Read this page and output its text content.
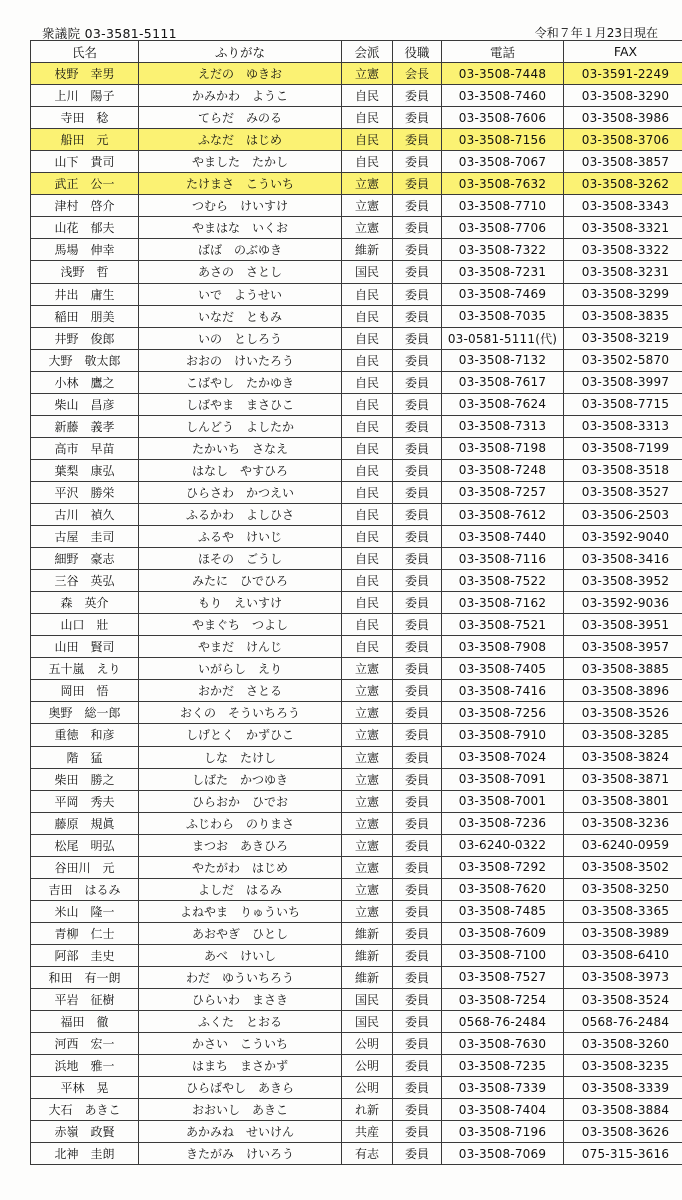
衆議院 03-3581-5111	令和７年１月23日現在
氏名	ふりがな	会派	役職	電話	FAX
枝野　幸男	えだの　ゆきお	立憲	会長	03-3508-7448	03-3591-2249
上川　陽子	かみかわ　ようこ	自民	委員	03-3508-7460	03-3508-3290
寺田　稔	てらだ　みのる	自民	委員	03-3508-7606	03-3508-3986
船田　元	ふなだ　はじめ	自民	委員	03-3508-7156	03-3508-3706
山下　貴司	やました　たかし	自民	委員	03-3508-7067	03-3508-3857
武正　公一	たけまさ　こういち	立憲	委員	03-3508-7632	03-3508-3262
津村　啓介	つむら　けいすけ	立憲	委員	03-3508-7710	03-3508-3343
山花　郁夫	やまはな　いくお	立憲	委員	03-3508-7706	03-3508-3321
馬場　伸幸	ばば　のぶゆき	維新	委員	03-3508-7322	03-3508-3322
浅野　哲	あさの　さとし	国民	委員	03-3508-7231	03-3508-3231
井出　庸生	いで　ようせい	自民	委員	03-3508-7469	03-3508-3299
稲田　朋美	いなだ　ともみ	自民	委員	03-3508-7035	03-3508-3835
井野　俊郎	いの　としろう	自民	委員	03-0581-5111(代)	03-3508-3219
大野　敬太郎	おおの　けいたろう	自民	委員	03-3508-7132	03-3502-5870
小林　鷹之	こばやし　たかゆき	自民	委員	03-3508-7617	03-3508-3997
柴山　昌彦	しばやま　まさひこ	自民	委員	03-3508-7624	03-3508-7715
新藤　義孝	しんどう　よしたか	自民	委員	03-3508-7313	03-3508-3313
高市　早苗	たかいち　さなえ	自民	委員	03-3508-7198	03-3508-7199
葉梨　康弘	はなし　やすひろ	自民	委員	03-3508-7248	03-3508-3518
平沢　勝栄	ひらさわ　かつえい	自民	委員	03-3508-7257	03-3508-3527
古川　禎久	ふるかわ　よしひさ	自民	委員	03-3508-7612	03-3506-2503
古屋　圭司	ふるや　けいじ	自民	委員	03-3508-7440	03-3592-9040
細野　豪志	ほその　ごうし	自民	委員	03-3508-7116	03-3508-3416
三谷　英弘	みたに　ひでひろ	自民	委員	03-3508-7522	03-3508-3952
森　英介	もり　えいすけ	自民	委員	03-3508-7162	03-3592-9036
山口　壯	やまぐち　つよし	自民	委員	03-3508-7521	03-3508-3951
山田　賢司	やまだ　けんじ	自民	委員	03-3508-7908	03-3508-3957
五十嵐　えり	いがらし　えり	立憲	委員	03-3508-7405	03-3508-3885
岡田　悟	おかだ　さとる	立憲	委員	03-3508-7416	03-3508-3896
奥野　総一郎	おくの　そういちろう	立憲	委員	03-3508-7256	03-3508-3526
重徳　和彦	しげとく　かずひこ	立憲	委員	03-3508-7910	03-3508-3285
階　猛	しな　たけし	立憲	委員	03-3508-7024	03-3508-3824
柴田　勝之	しばた　かつゆき	立憲	委員	03-3508-7091	03-3508-3871
平岡　秀夫	ひらおか　ひでお	立憲	委員	03-3508-7001	03-3508-3801
藤原　規眞	ふじわら　のりまさ	立憲	委員	03-3508-7236	03-3508-3236
松尾　明弘	まつお　あきひろ	立憲	委員	03-6240-0322	03-6240-0959
谷田川　元	やたがわ　はじめ	立憲	委員	03-3508-7292	03-3508-3502
吉田　はるみ	よしだ　はるみ	立憲	委員	03-3508-7620	03-3508-3250
米山　隆一	よねやま　りゅういち	立憲	委員	03-3508-7485	03-3508-3365
青柳　仁士	あおやぎ　ひとし	維新	委員	03-3508-7609	03-3508-3989
阿部　圭史	あべ　けいし	維新	委員	03-3508-7100	03-3508-6410
和田　有一朗	わだ　ゆういちろう	維新	委員	03-3508-7527	03-3508-3973
平岩　征樹	ひらいわ　まさき	国民	委員	03-3508-7254	03-3508-3524
福田　徹	ふくた　とおる	国民	委員	0568-76-2484	0568-76-2484
河西　宏一	かさい　こういち	公明	委員	03-3508-7630	03-3508-3260
浜地　雅一	はまち　まさかず	公明	委員	03-3508-7235	03-3508-3235
平林　晃	ひらばやし　あきら	公明	委員	03-3508-7339	03-3508-3339
大石　あきこ	おおいし　あきこ	れ新	委員	03-3508-7404	03-3508-3884
赤嶺　政賢	あかみね　せいけん	共産	委員	03-3508-7196	03-3508-3626
北神　圭朗	きたがみ　けいろう	有志	委員	03-3508-7069	075-315-3616
